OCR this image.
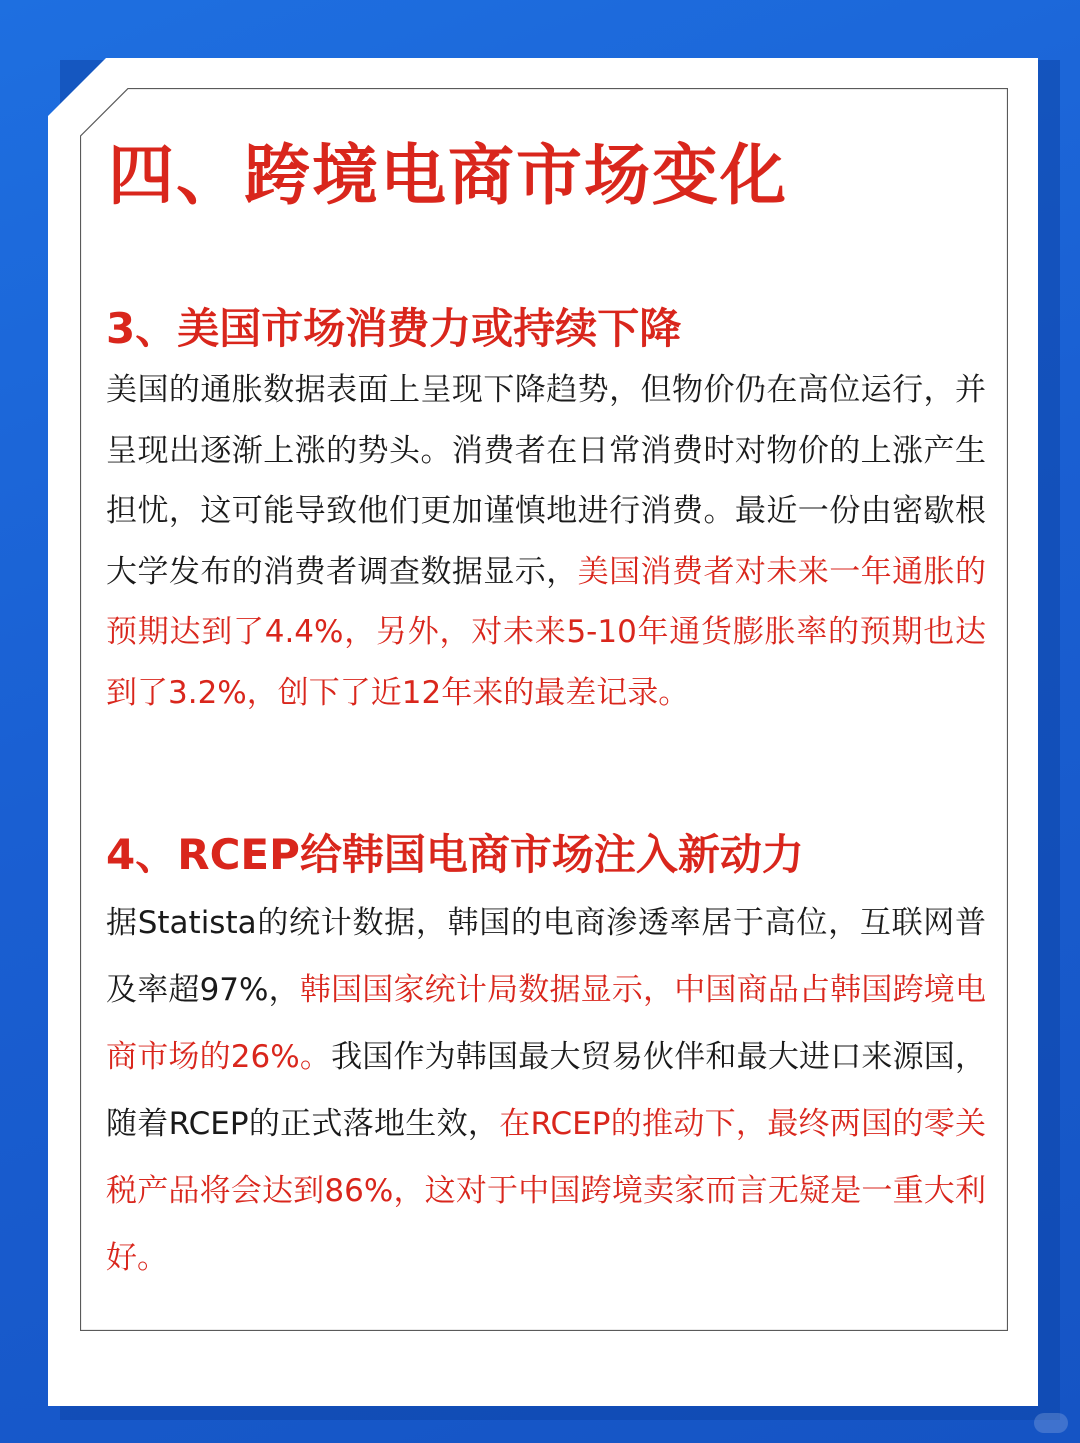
四、跨境电商市场变化
3、美国市场消费力或持续下降

美国的通胀数据表面上呈现下降趋势，但物价仍在高位运行，并呈现出逐渐上涨的势头。消费者在日常消费时对物价的上涨产生担忧，这可能导致他们更加谨慎地进行消费。最近一份由密歇根大学发布的消费者调查数据显示，美国消费者对未来一年通胀的预期达到了4.4%，另外，对未来5-10年通货膨胀率的预期也达到了3.2%，创下了近12年来的最差记录。

4、RCEP给韩国电商市场注入新动力

据Statista的统计数据，韩国的电商渗透率居于高位，互联网普及率超97%，韩国国家统计局数据显示，中国商品占韩国跨境电商市场的26%。我国作为韩国最大贸易伙伴和最大进口来源国，随着RCEP的正式落地生效，在RCEP的推动下，最终两国的零关税产品将会达到86%，这对于中国跨境卖家而言无疑是一重大利好。
